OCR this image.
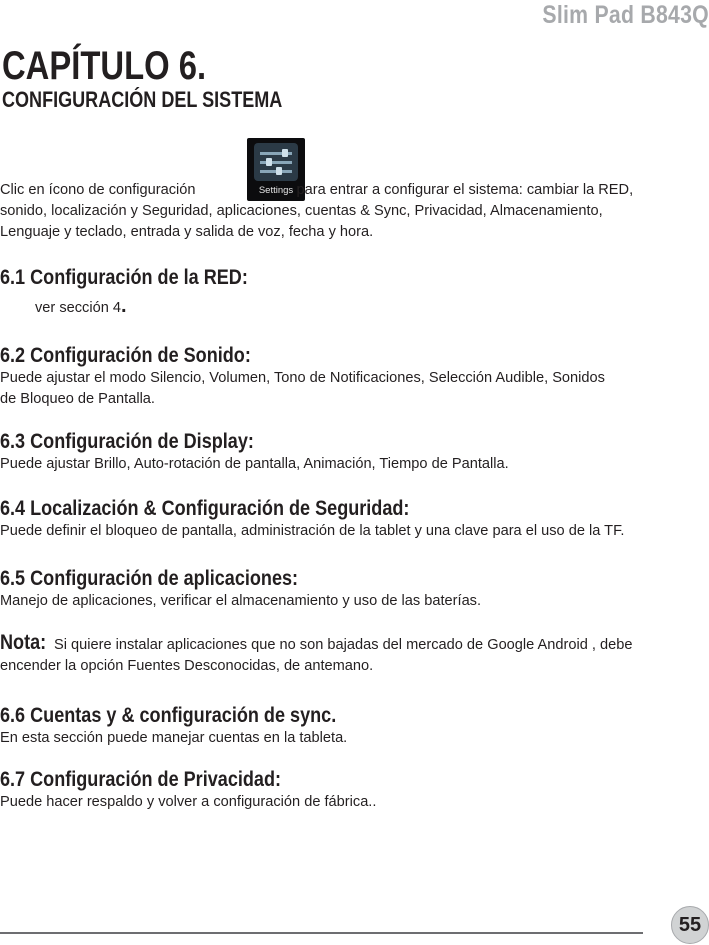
Slim Pad B843Q
CAPÍTULO 6.
CONFIGURACIÓN DEL SISTEMA
Settings
Clic en ícono de configuración	para entrar a configurar el sistema: cambiar la RED,
sonido, localización y Seguridad, aplicaciones, cuentas & Sync, Privacidad, Almacenamiento,
Lenguaje y teclado, entrada y salida de voz, fecha y hora.
6.1 Configuración de la RED:

ver sección 4.

6.2 Configuración de Sonido:

Puede ajustar el modo Silencio, Volumen, Tono de Notificaciones, Selección Audible, Sonidos
de Bloqueo de Pantalla.

6.3 Configuración de Display:

Puede ajustar Brillo, Auto-rotación de pantalla, Animación, Tiempo de Pantalla.

6.4 Localización & Configuración de Seguridad:

Puede definir el bloqueo de pantalla, administración de la tablet y una clave para el uso de la TF.

6.5 Configuración de aplicaciones:

Manejo de aplicaciones, verificar el almacenamiento y uso de las baterías.

Nota: Si quiere instalar aplicaciones que no son bajadas del mercado de Google Android , debe
encender la opción Fuentes Desconocidas, de antemano.

6.6 Cuentas y & configuración de sync.

En esta sección puede manejar cuentas en la tableta.

6.7 Configuración de Privacidad:

Puede hacer respaldo y volver a configuración de fábrica..

55
